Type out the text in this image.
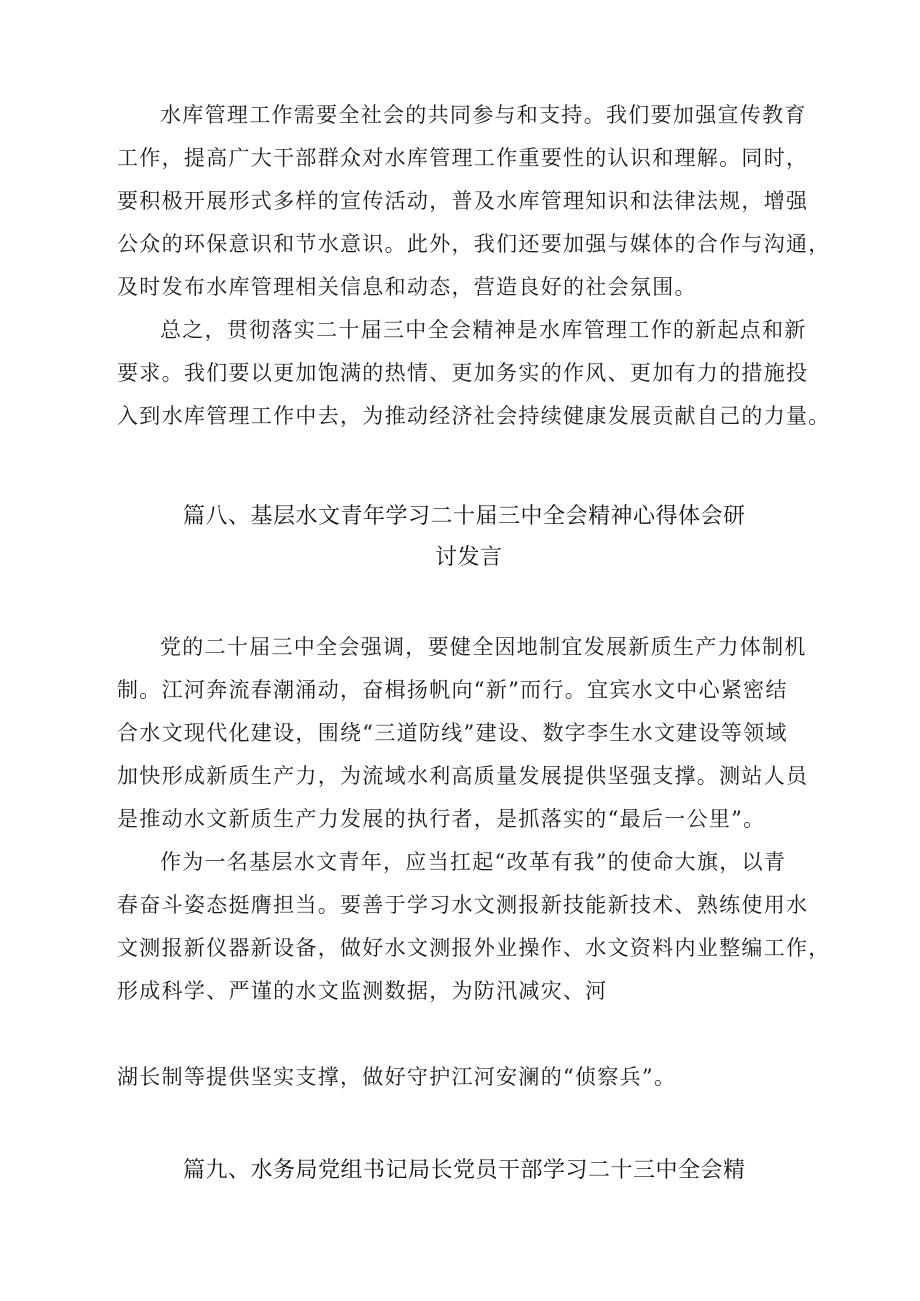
水库管理工作需要全社会的共同参与和支持。我们要加强宣传教育
工作，提高广大干部群众对水库管理工作重要性的认识和理解。同时，
要积极开展形式多样的宣传活动，普及水库管理知识和法律法规，增强
公众的环保意识和节水意识。此外，我们还要加强与媒体的合作与沟通，
及时发布水库管理相关信息和动态，营造良好的社会氛围。
总之，贯彻落实二十届三中全会精神是水库管理工作的新起点和新
要求。我们要以更加饱满的热情、更加务实的作风、更加有力的措施投
入到水库管理工作中去，为推动经济社会持续健康发展贡献自己的力量。
篇八、基层水文青年学习二十届三中全会精神心得体会研
讨发言
党的二十届三中全会强调，要健全因地制宜发展新质生产力体制机
制。江河奔流春潮涌动，奋楫扬帆向“新”而行。宜宾水文中心紧密结
合水文现代化建设，围绕“三道防线”建设、数字李生水文建设等领域
加快形成新质生产力，为流域水利高质量发展提供坚强支撑。测站人员
是推动水文新质生产力发展的执行者，是抓落实的“最后一公里”。
作为一名基层水文青年，应当扛起“改革有我”的使命大旗，以青
春奋斗姿态挺膺担当。要善于学习水文测报新技能新技术、熟练使用水
文测报新仪器新设备，做好水文测报外业操作、水文资料内业整编工作，
形成科学、严谨的水文监测数据，为防汛减灾、河
湖长制等提供坚实支撑，做好守护江河安澜的“侦察兵”。
篇九、水务局党组书记局长党员干部学习二十三中全会精
